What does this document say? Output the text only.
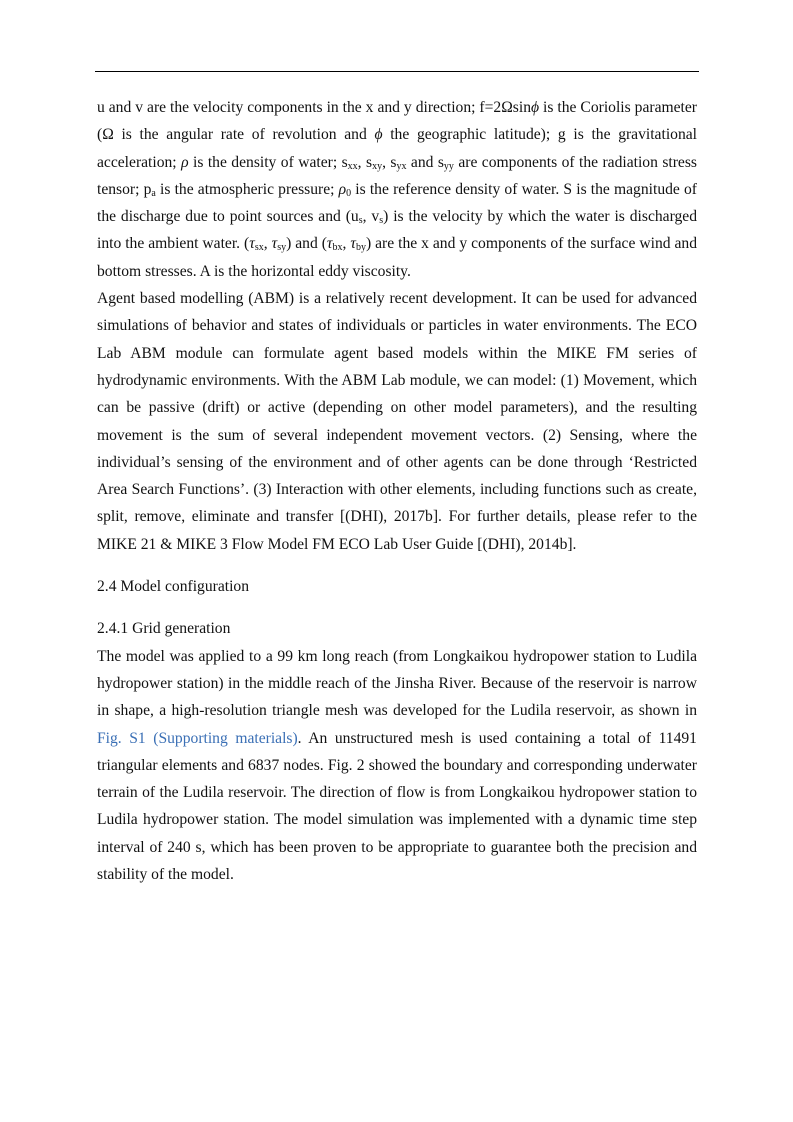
u and v are the velocity components in the x and y direction; f=2Ωsinϕ is the Coriolis parameter (Ω is the angular rate of revolution and ϕ the geographic latitude); g is the gravitational acceleration; ρ is the density of water; $s_{xx}$, $s_{xy}$, $s_{yx}$ and $s_{yy}$ are components of the radiation stress tensor; $p_a$ is the atmospheric pressure; $\rho_0$ is the reference density of water. S is the magnitude of the discharge due to point sources and ($u_s$, $v_s$) is the velocity by which the water is discharged into the ambient water. ($\tau_{sx}$, $\tau_{sy}$) and ($\tau_{bx}$, $\tau_{by}$) are the x and y components of the surface wind and bottom stresses. A is the horizontal eddy viscosity.

Agent based modelling (ABM) is a relatively recent development. It can be used for advanced simulations of behavior and states of individuals or particles in water environments. The ECO Lab ABM module can formulate agent based models within the MIKE FM series of hydrodynamic environments. With the ABM Lab module, we can model: (1) Movement, which can be passive (drift) or active (depending on other model parameters), and the resulting movement is the sum of several independent movement vectors. (2) Sensing, where the individual’s sensing of the environment and of other agents can be done through ‘Restricted Area Search Functions’. (3) Interaction with other elements, including functions such as create, split, remove, eliminate and transfer [(DHI), 2017b]. For further details, please refer to the MIKE 21 & MIKE 3 Flow Model FM ECO Lab User Guide [(DHI), 2014b].

2.4 Model configuration
2.4.1 Grid generation

The model was applied to a 99 km long reach (from Longkaikou hydropower station to Ludila hydropower station) in the middle reach of the Jinsha River. Because of the reservoir is narrow in shape, a high-resolution triangle mesh was developed for the Ludila reservoir, as shown in Fig. S1 (Supporting materials). An unstructured mesh is used containing a total of 11491 triangular elements and 6837 nodes. Fig. 2 showed the boundary and corresponding underwater terrain of the Ludila reservoir. The direction of flow is from Longkaikou hydropower station to Ludila hydropower station. The model simulation was implemented with a dynamic time step interval of 240 s, which has been proven to be appropriate to guarantee both the precision and stability of the model.
